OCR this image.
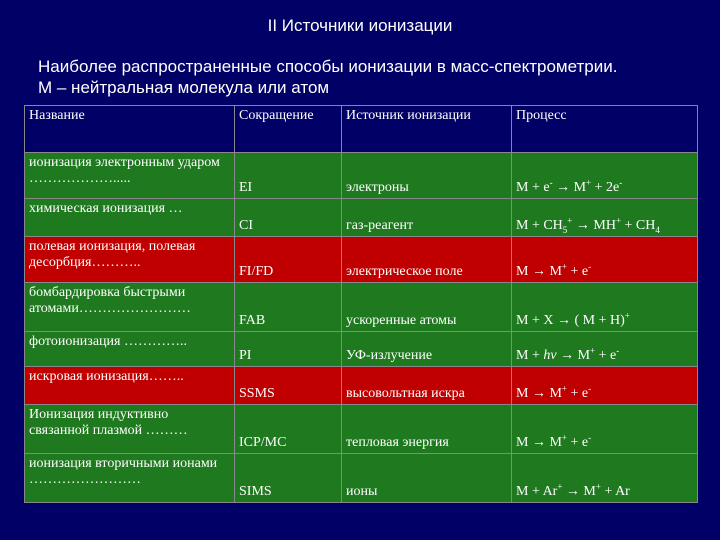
II Источники ионизации
Наиболее распространенные способы ионизации в масс-спектрометрии.
М – нейтральная молекула или атом
Название	Сокращение	Источник ионизации	Процесс
ионизация электронным ударом ……………….....	EI	электроны	M + e- → M+ + 2e-
химическая ионизация …	CI	газ-реагент	$M + CH_5^+ \to MH^+ + CH_4$
полевая ионизация, полевая десорбция………..	FI/FD	электрическое поле	M → M+ + e-
бомбардировка быстрыми атомами……………………	FAB	ускоренные атомы	M + X → ( M + H)+
фотоионизация …………..	PI	УФ-излучение	M + hν → M+ + e-
искровая ионизация……..	SSMS	высовольтная искра	M → M+ + e-
Ионизация индуктивно связанной плазмой ………	ICP/MC	тепловая энергия	M → M+ + e-
ионизация вторичными ионами ……………………	SIMS	ионы	M + Ar+ → M+ + Ar
